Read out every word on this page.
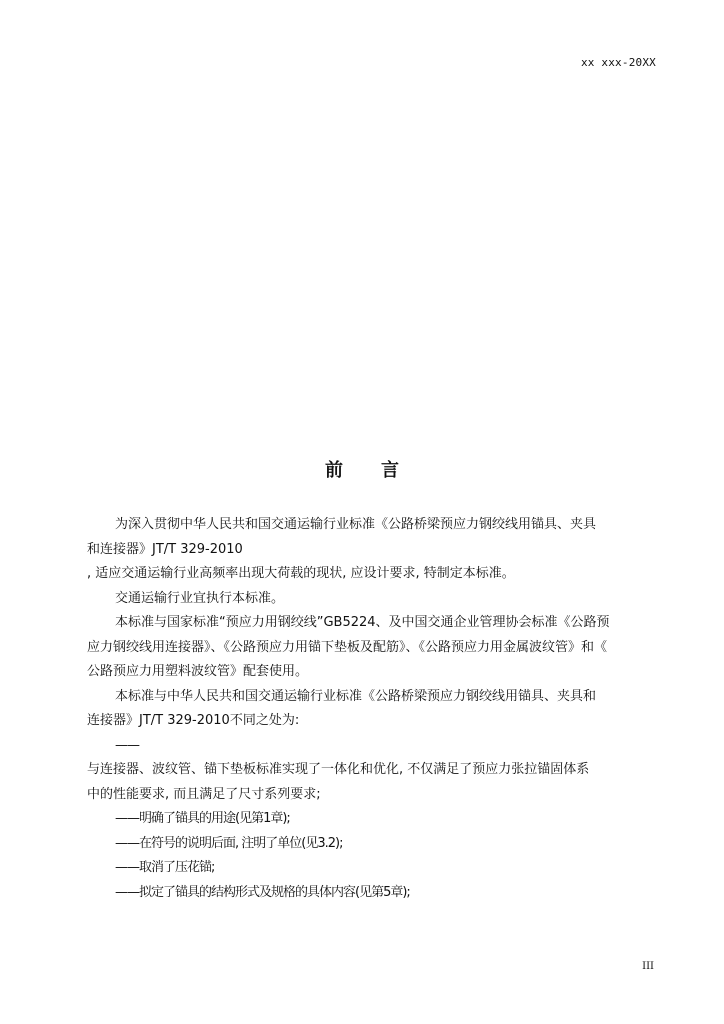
xx xxx-20XX
前言

为深入贯彻中华人民共和国交通运输行业标准《公路桥梁预应力钢绞线用锚具、夹具

和连接器》JT/T 329-2010

, 适应交通运输行业高频率出现大荷载的现状, 应设计要求, 特制定本标准。

交通运输行业宜执行本标准。

本标准与国家标准“预应力用钢绞线”GB5224、及中国交通企业管理协会标准《公路预

应力钢绞线用连接器》、《公路预应力用锚下垫板及配筋》、《公路预应力用金属波纹管》和《

公路预应力用塑料波纹管》配套使用。

本标准与中华人民共和国交通运输行业标准《公路桥梁预应力钢绞线用锚具、夹具和

连接器》JT/T 329-2010不同之处为:

——

与连接器、波纹管、锚下垫板标准实现了一体化和优化, 不仅满足了预应力张拉锚固体系

中的性能要求, 而且满足了尺寸系列要求;

——明确了锚具的用途(见第1章);

——在符号的说明后面, 注明了单位(见3.2);

——取消了压花锚;

——拟定了锚具的结构形式及规格的具体内容(见第5章);

III
